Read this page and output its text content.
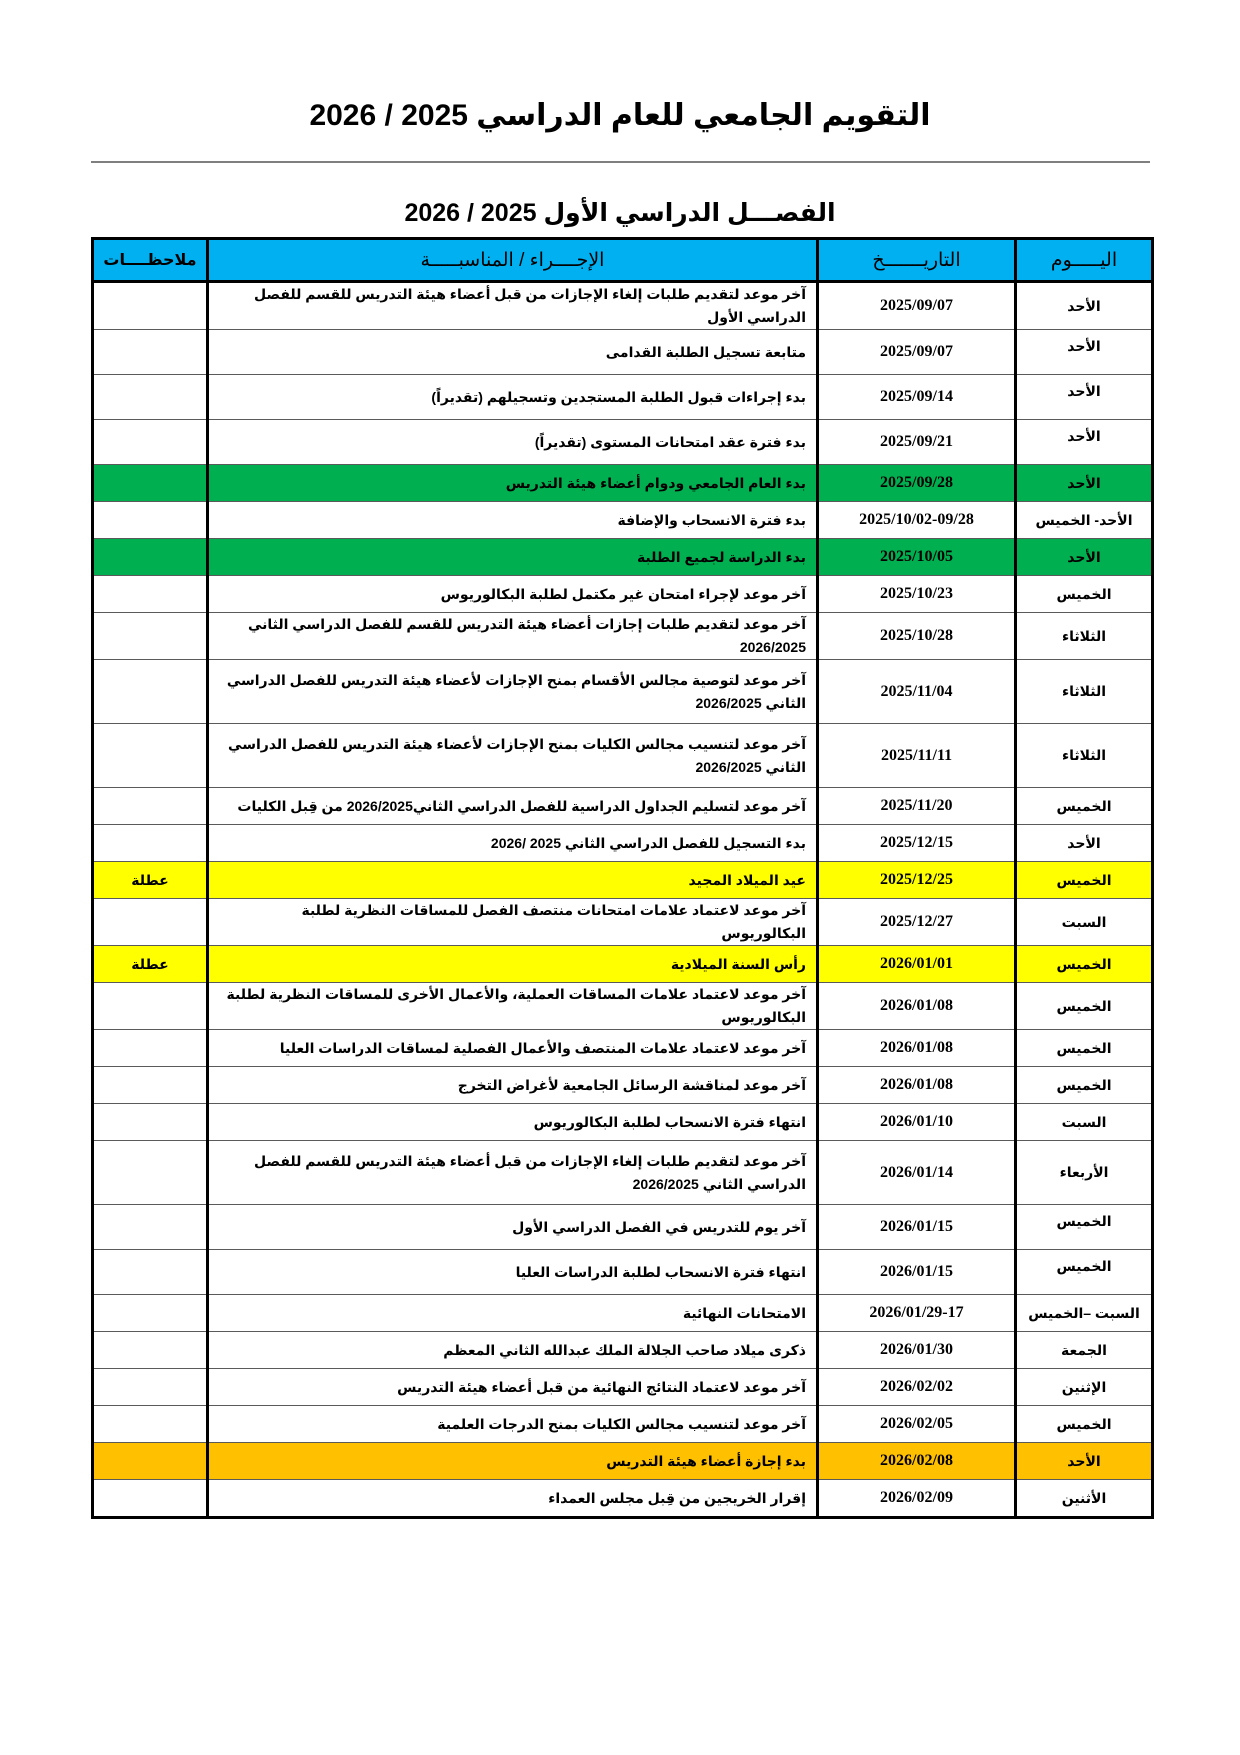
التقويم الجامعي للعام الدراسي 2025 / 2026
الفصـــل الدراسي الأول 2025 / 2026
اليـــــوم	التاريـــــــخ	الإجــــراء / المناسبـــــة	ملاحظــــات
الأحد	2025/09/07	آخر موعد لتقديم طلبات إلغاء الإجازات من قبل أعضاء هيئة التدريس للقسم للفصل الدراسي الأول	
الأحد	2025/09/07	متابعة تسجيل الطلبة القدامى	
الأحد	2025/09/14	بدء إجراءات قبول الطلبة المستجدين وتسجيلهم (تقديراً)	
الأحد	2025/09/21	بدء فترة عقد امتحانات المستوى (تقديراً)	
الأحد	2025/09/28	بدء العام الجامعي ودوام أعضاء هيئة التدريس	
الأحد- الخميس	2025/10/02-09/28	بدء فترة الانسحاب والإضافة	
الأحد	2025/10/05	بدء الدراسة لجميع الطلبة	
الخميس	2025/10/23	آخر موعد لإجراء امتحان غير مكتمل لطلبة البكالوريوس	
الثلاثاء	2025/10/28	آخر موعد لتقديم طلبات إجازات أعضاء هيئة التدريس للقسم للفصل الدراسي الثاني 2026/2025	
الثلاثاء	2025/11/04	آخر موعد لتوصية مجالس الأقسام بمنح الإجازات لأعضاء هيئة التدريس للفصل الدراسي الثاني 2026/2025	
الثلاثاء	2025/11/11	آخر موعد لتنسيب مجالس الكليات بمنح الإجازات لأعضاء هيئة التدريس للفصل الدراسي الثاني 2026/2025	
الخميس	2025/11/20	آخر موعد لتسليم الجداول الدراسية للفصل الدراسي الثاني2026/2025 من قِبل الكليات	
الأحد	2025/12/15	بدء التسجيل للفصل الدراسي الثاني 2025 /2026	
الخميس	2025/12/25	عيد الميلاد المجيد	عطلة
السبت	2025/12/27	آخر موعد لاعتماد علامات امتحانات منتصف الفصل للمساقات النظرية لطلبة البكالوريوس	
الخميس	2026/01/01	رأس السنة الميلادية	عطلة
الخميس	2026/01/08	آخر موعد لاعتماد علامات المساقات العملية، والأعمال الأخرى للمساقات النظرية لطلبة البكالوريوس	
الخميس	2026/01/08	آخر موعد لاعتماد علامات المنتصف والأعمال الفصلية لمساقات الدراسات العليا	
الخميس	2026/01/08	آخر موعد لمناقشة الرسائل الجامعية لأغراض التخرج	
السبت	2026/01/10	انتهاء فترة الانسحاب لطلبة البكالوريوس	
الأربعاء	2026/01/14	آخر موعد لتقديم طلبات إلغاء الإجازات من قبل أعضاء هيئة التدريس للقسم للفصل الدراسي الثاني 2026/2025	
الخميس	2026/01/15	آخر يوم للتدريس في الفصل الدراسي الأول	
الخميس	2026/01/15	انتهاء فترة الانسحاب لطلبة الدراسات العليا	
السبت –الخميس	2026/01/29-17	الامتحانات النهائية	
الجمعة	2026/01/30	ذكرى ميلاد صاحب الجلالة الملك عبدالله الثاني المعظم	
الإثنين	2026/02/02	آخر موعد لاعتماد النتائج النهائية من قبل أعضاء هيئة التدريس	
الخميس	2026/02/05	آخر موعد لتنسيب مجالس الكليات بمنح الدرجات العلمية	
الأحد	2026/02/08	بدء إجازة أعضاء هيئة التدريس	
الأثنين	2026/02/09	إقرار الخريجين من قِبل مجلس العمداء	
